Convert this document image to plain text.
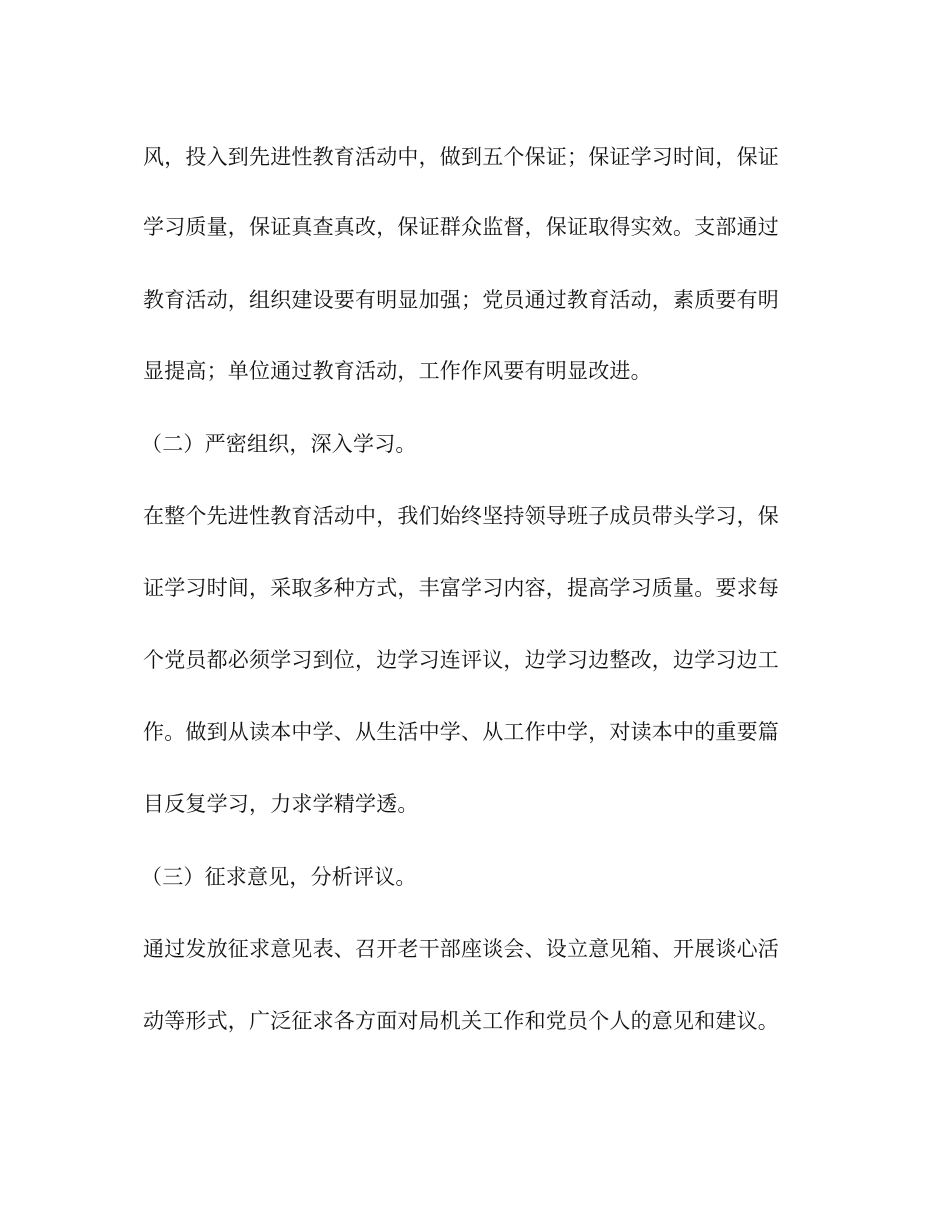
风，投入到先进性教育活动中，做到五个保证；保证学习时间，保证
学习质量，保证真查真改，保证群众监督，保证取得实效。支部通过
教育活动，组织建设要有明显加强；党员通过教育活动，素质要有明
显提高；单位通过教育活动，工作作风要有明显改进。
（二）严密组织，深入学习。
在整个先进性教育活动中，我们始终坚持领导班子成员带头学习，保
证学习时间，采取多种方式，丰富学习内容，提高学习质量。要求每
个党员都必须学习到位，边学习连评议，边学习边整改，边学习边工
作。做到从读本中学、从生活中学、从工作中学，对读本中的重要篇
目反复学习，力求学精学透。
（三）征求意见，分析评议。
通过发放征求意见表、召开老干部座谈会、设立意见箱、开展谈心活
动等形式，广泛征求各方面对局机关工作和党员个人的意见和建议。
